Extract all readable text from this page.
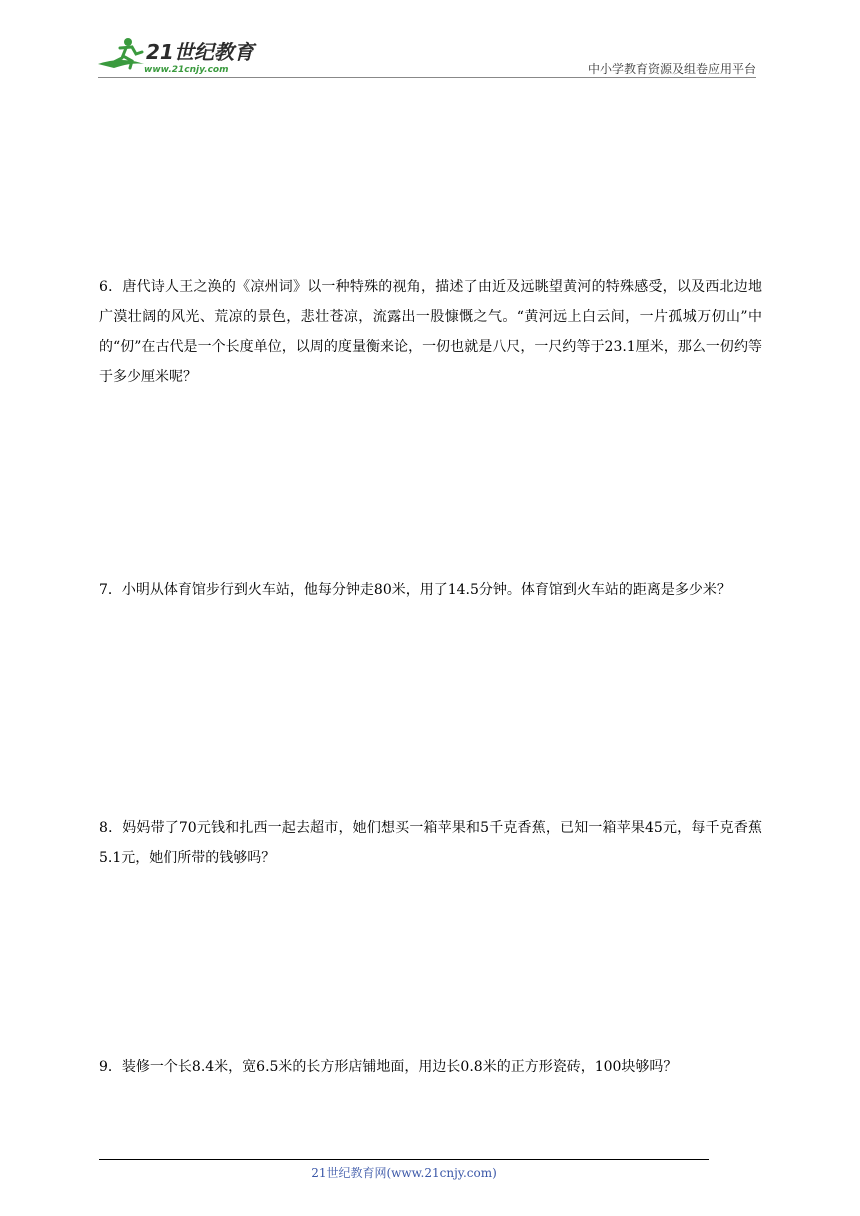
21世纪教育
www.21cnjy.com	中小学教育资源及组卷应用平台
6．唐代诗人王之涣的《凉州词》以一种特殊的视角，描述了由近及远眺望黄河的特殊感受，以及西北边地广漠壮阔的风光、荒凉的景色，悲壮苍凉，流露出一股慷慨之气。“黄河远上白云间，一片孤城万仞山”中的“仞”在古代是一个长度单位，以周的度量衡来论，一仞也就是八尺，一尺约等于23.1厘米，那么一仞约等于多少厘米呢？
7．小明从体育馆步行到火车站，他每分钟走80米，用了14.5分钟。体育馆到火车站的距离是多少米？
8．妈妈带了70元钱和扎西一起去超市，她们想买一箱苹果和5千克香蕉，已知一箱苹果45元，每千克香蕉5.1元，她们所带的钱够吗？
9．装修一个长8.4米，宽6.5米的长方形店铺地面，用边长0.8米的正方形瓷砖，100块够吗？
21世纪教育网(www.21cnjy.com)
